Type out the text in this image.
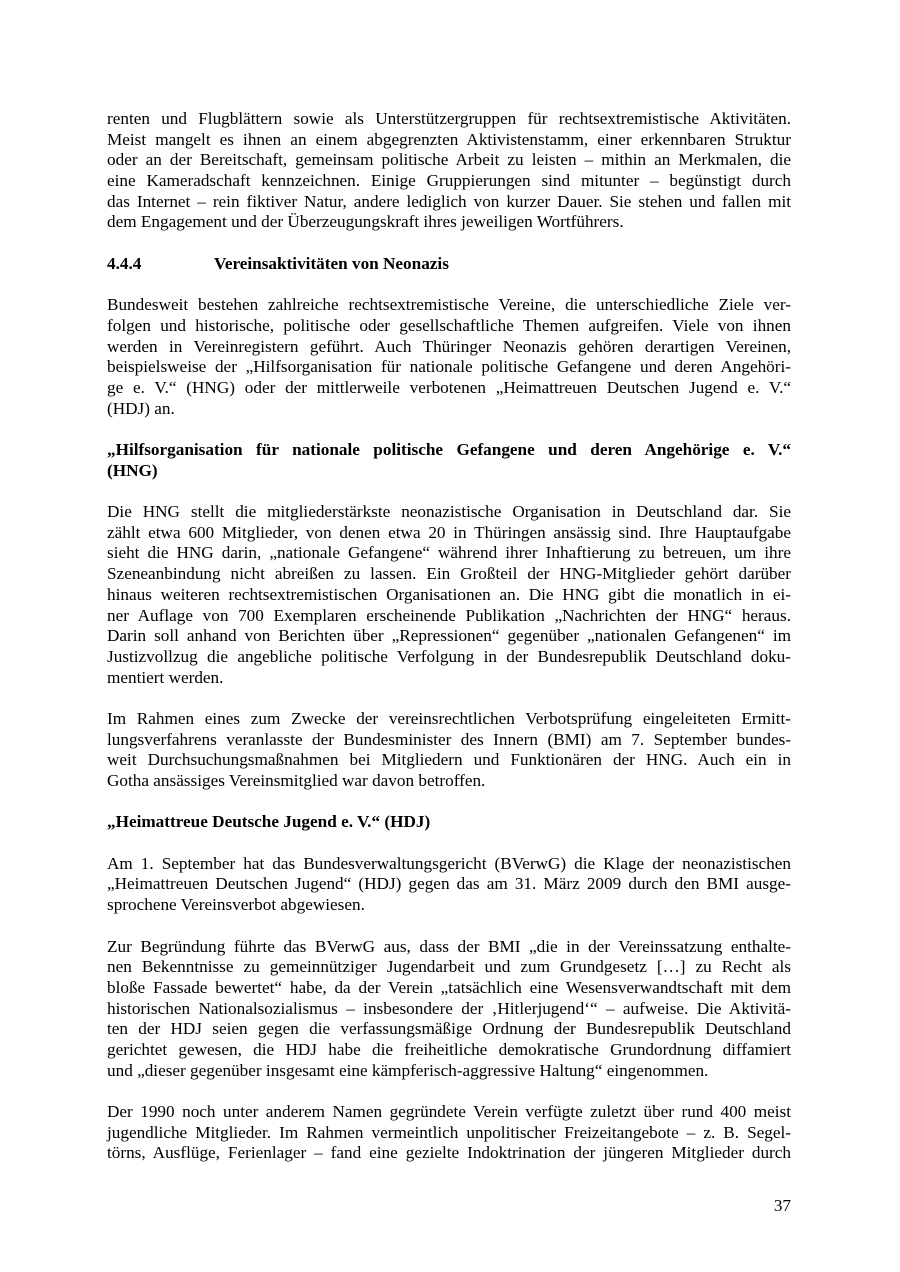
renten und Flugblättern sowie als Unterstützergruppen für rechtsextremistische Aktivitäten.
Meist mangelt es ihnen an einem abgegrenzten Aktivistenstamm, einer erkennbaren Struktur
oder an der Bereitschaft, gemeinsam politische Arbeit zu leisten – mithin an Merkmalen, die
eine Kameradschaft kennzeichnen. Einige Gruppierungen sind mitunter – begünstigt durch
das Internet – rein fiktiver Natur, andere lediglich von kurzer Dauer. Sie stehen und fallen mit
dem Engagement und der Überzeugungskraft ihres jeweiligen Wortführers.
4.4.4	Vereinsaktivitäten von Neonazis
Bundesweit bestehen zahlreiche rechtsextremistische Vereine, die unterschiedliche Ziele ver-
folgen und historische, politische oder gesellschaftliche Themen aufgreifen. Viele von ihnen
werden in Vereinregistern geführt. Auch Thüringer Neonazis gehören derartigen Vereinen,
beispielsweise der „Hilfsorganisation für nationale politische Gefangene und deren Angehöri-
ge e. V.“ (HNG) oder der mittlerweile verbotenen „Heimattreuen Deutschen Jugend e. V.“
(HDJ) an.
„Hilfsorganisation für nationale politische Gefangene und deren Angehörige e. V.“
(HNG)
Die HNG stellt die mitgliederstärkste neonazistische Organisation in Deutschland dar. Sie
zählt etwa 600 Mitglieder, von denen etwa 20 in Thüringen ansässig sind. Ihre Hauptaufgabe
sieht die HNG darin, „nationale Gefangene“ während ihrer Inhaftierung zu betreuen, um ihre
Szeneanbindung nicht abreißen zu lassen. Ein Großteil der HNG-Mitglieder gehört darüber
hinaus weiteren rechtsextremistischen Organisationen an. Die HNG gibt die monatlich in ei-
ner Auflage von 700 Exemplaren erscheinende Publikation „Nachrichten der HNG“ heraus.
Darin soll anhand von Berichten über „Repressionen“ gegenüber „nationalen Gefangenen“ im
Justizvollzug die angebliche politische Verfolgung in der Bundesrepublik Deutschland doku-
mentiert werden.
Im Rahmen eines zum Zwecke der vereinsrechtlichen Verbotsprüfung eingeleiteten Ermitt-
lungsverfahrens veranlasste der Bundesminister des Innern (BMI) am 7. September bundes-
weit Durchsuchungsmaßnahmen bei Mitgliedern und Funktionären der HNG. Auch ein in
Gotha ansässiges Vereinsmitglied war davon betroffen.
„Heimattreue Deutsche Jugend e. V.“ (HDJ)
Am 1. September hat das Bundesverwaltungsgericht (BVerwG) die Klage der neonazistischen
„Heimattreuen Deutschen Jugend“ (HDJ) gegen das am 31. März 2009 durch den BMI ausge-
sprochene Vereinsverbot abgewiesen.
Zur Begründung führte das BVerwG aus, dass der BMI „die in der Vereinssatzung enthalte-
nen Bekenntnisse zu gemeinnütziger Jugendarbeit und zum Grundgesetz […] zu Recht als
bloße Fassade bewertet“ habe, da der Verein „tatsächlich eine Wesensverwandtschaft mit dem
historischen Nationalsozialismus – insbesondere der ‚Hitlerjugend‘“ – aufweise. Die Aktivitä-
ten der HDJ seien gegen die verfassungsmäßige Ordnung der Bundesrepublik Deutschland
gerichtet gewesen, die HDJ habe die freiheitliche demokratische Grundordnung diffamiert
und „dieser gegenüber insgesamt eine kämpferisch-aggressive Haltung“ eingenommen.
Der 1990 noch unter anderem Namen gegründete Verein verfügte zuletzt über rund 400 meist
jugendliche Mitglieder. Im Rahmen vermeintlich unpolitischer Freizeitangebote – z. B. Segel-
törns, Ausflüge, Ferienlager – fand eine gezielte Indoktrination der jüngeren Mitglieder durch
37
